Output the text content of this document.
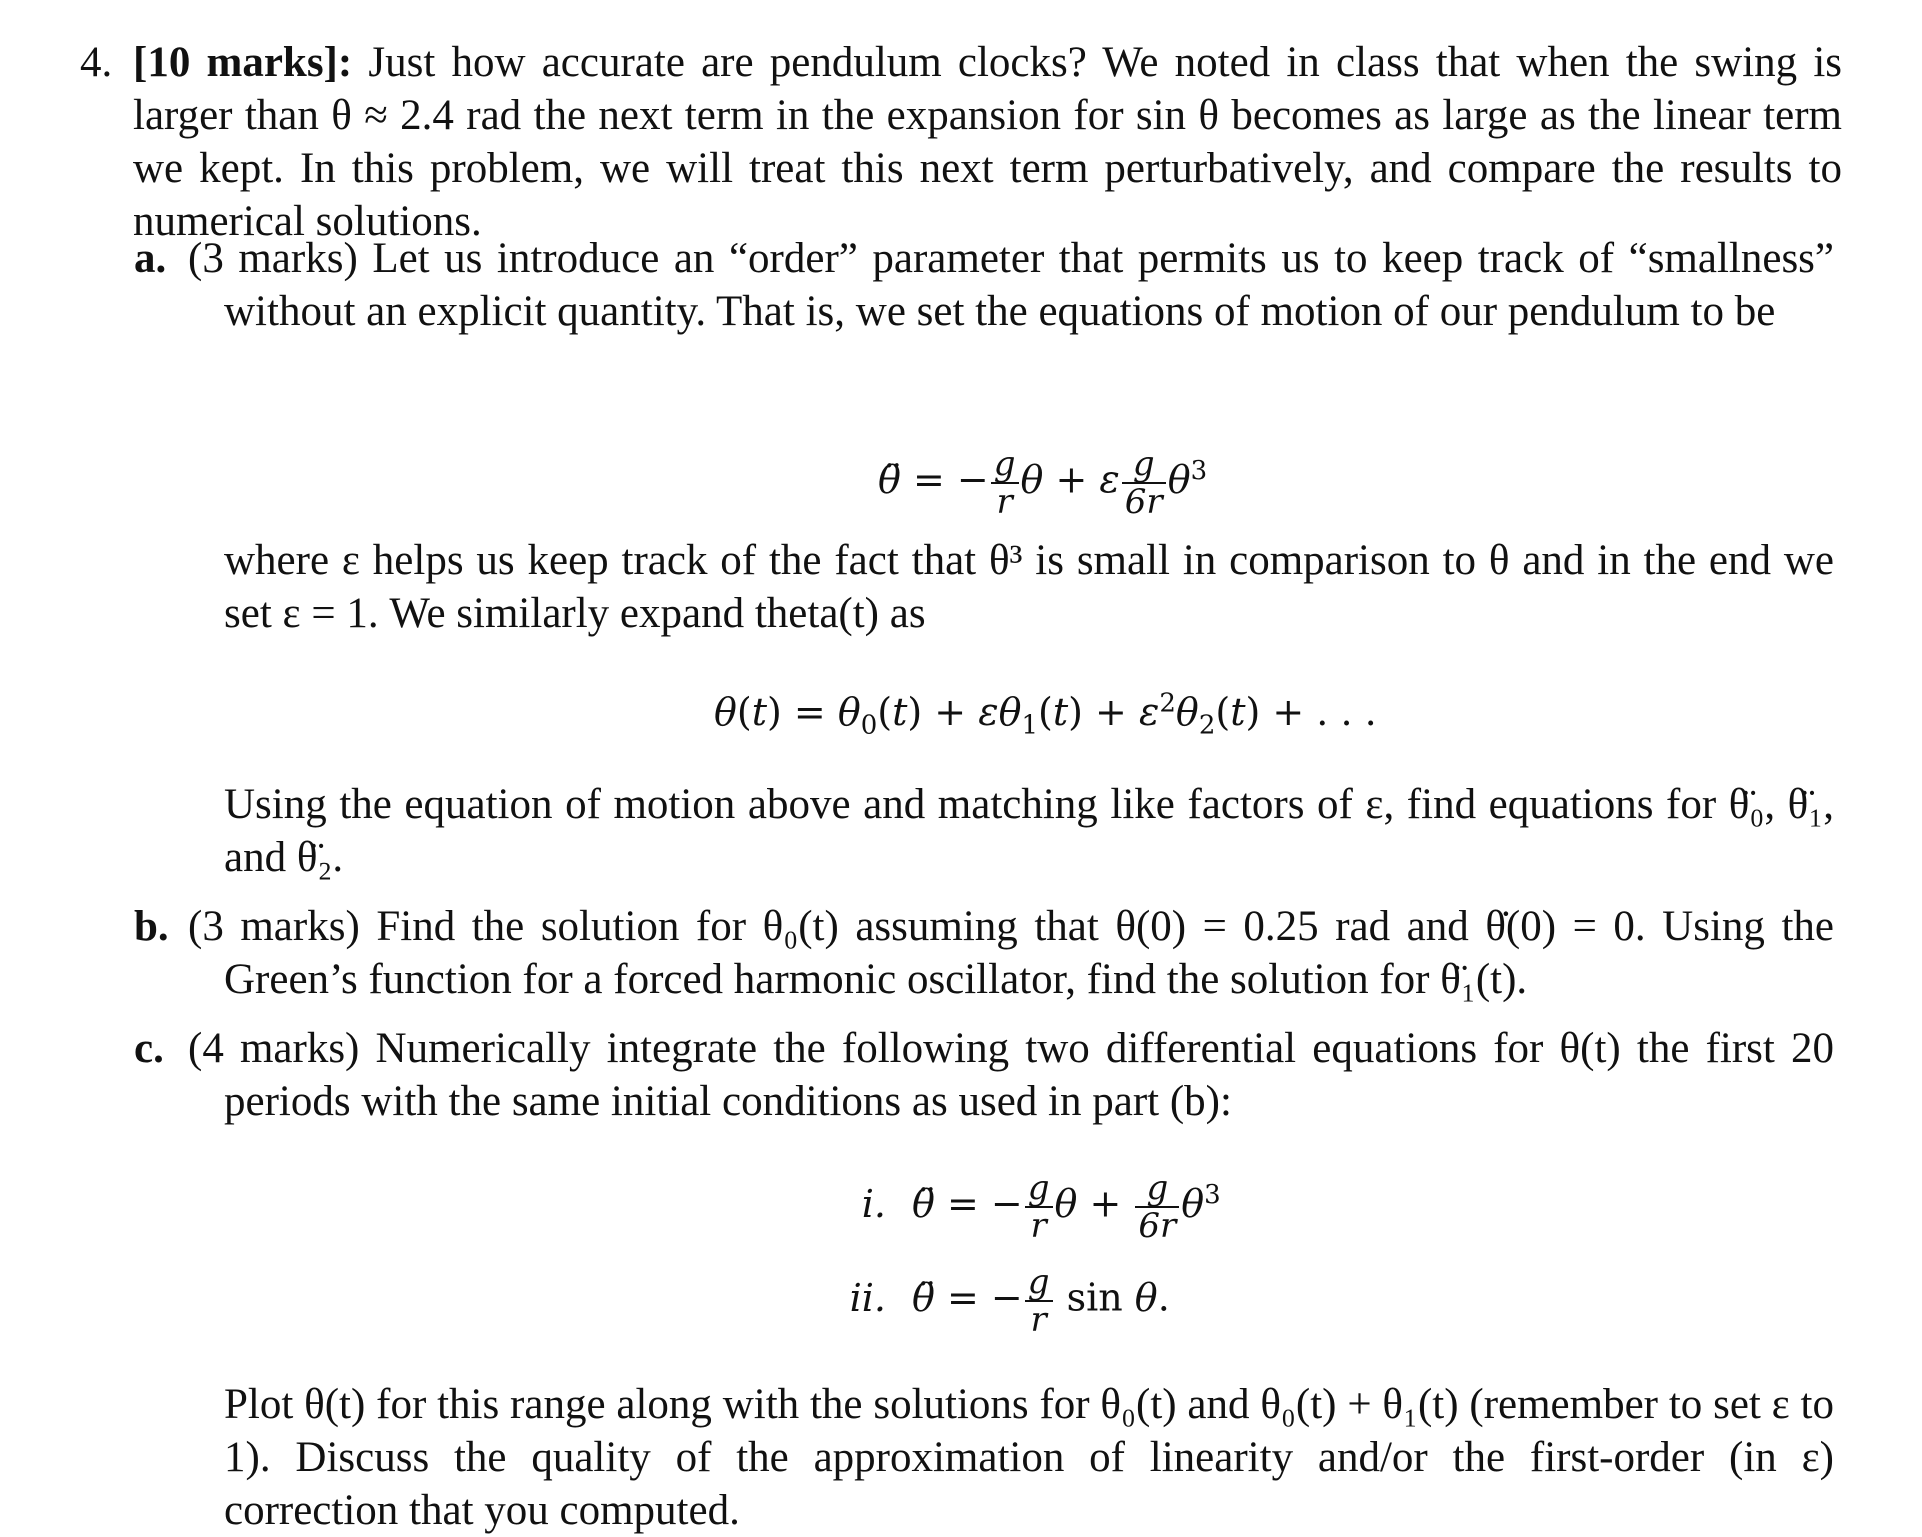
4. [10 marks]: Just how accurate are pendulum clocks? We noted in class that when the swing is larger than θ ≈ 2.4 rad the next term in the expansion for sin θ becomes as large as the linear term we kept. In this problem, we will treat this next term perturbatively, and compare the results to numerical solutions.
a. (3 marks) Let us introduce an “order” parameter that permits us to keep track of “smallness” without an explicit quantity. That is, we set the equations of motion of our pendulum to be
θ̈ = − $\frac{g}{r}$ θ + ε $\frac{g}{6r} \theta^3$
where ε helps us keep track of the fact that θ³ is small in comparison to θ and in the end we set ε = 1. We similarly expand theta(t) as
$\theta(t) = \theta_0(t) + \varepsilon\theta_1(t) + \varepsilon^2\theta_2(t)$ + . . .
Using the equation of motion above and matching like factors of ε, find equations for θ̈₀, θ̈₁, and θ̈₂.
b. (3 marks) Find the solution for θ₀(t) assuming that θ(0) = 0.25 rad and θ̇(0) = 0. Using the Green’s function for a forced harmonic oscillator, find the solution for θ̈₁(t).
c. (4 marks) Numerically integrate the following two differential equations for θ(t) the first 20 periods with the same initial conditions as used in part (b):
i. θ̈ = − $\frac{g}{r}$ $\theta + \frac{g}{6r} \theta^3$
ii. θ̈ = − $\frac{g}{r}$ sin θ.
Plot θ(t) for this range along with the solutions for θ₀(t) and θ₀(t) + θ₁(t) (remember to set ε to 1). Discuss the quality of the approximation of linearity and/or the first-order (in ε) correction that you computed.
